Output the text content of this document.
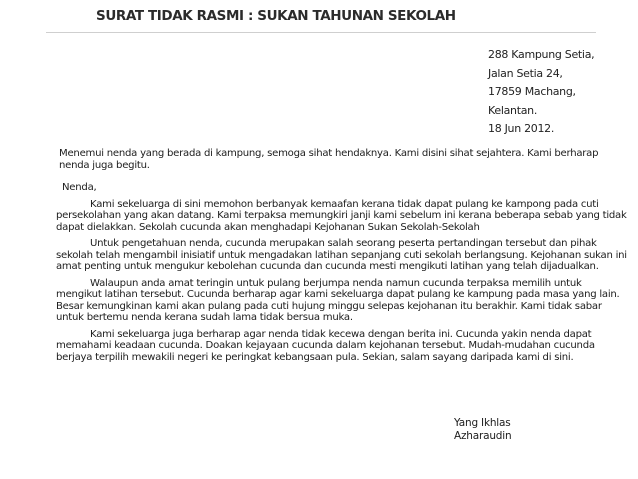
SURAT TIDAK RASMI : SUKAN TAHUNAN SEKOLAH
288 Kampung Setia,
Jalan Setia 24,
17859 Machang,
Kelantan.
18 Jun 2012.

Menemui nenda yang berada di kampung, semoga sihat hendaknya. Kami disini sihat sejahtera. Kami berharap nenda juga begitu.

Nenda,

Kami sekeluarga di sini memohon berbanyak kemaafan kerana tidak dapat pulang ke kampong pada cuti persekolahan yang akan datang. Kami terpaksa memungkiri janji kami sebelum ini kerana beberapa sebab yang tidak dapat dielakkan. Sekolah cucunda akan menghadapi Kejohanan Sukan Sekolah-Sekolah

Untuk pengetahuan nenda, cucunda merupakan salah seorang peserta pertandingan tersebut dan pihak sekolah telah mengambil inisiatif untuk mengadakan latihan sepanjang cuti sekolah berlangsung. Kejohanan sukan ini amat penting untuk mengukur kebolehan cucunda dan cucunda mesti mengikuti latihan yang telah dijadualkan.

Walaupun anda amat teringin untuk pulang berjumpa nenda namun cucunda terpaksa memilih untuk mengikut latihan tersebut. Cucunda berharap agar kami sekeluarga dapat pulang ke kampung pada masa yang lain. Besar kemungkinan kami akan pulang pada cuti hujung minggu selepas kejohanan itu berakhir. Kami tidak sabar untuk bertemu nenda kerana sudah lama tidak bersua muka.

Kami sekeluarga juga berharap agar nenda tidak kecewa dengan berita ini. Cucunda yakin nenda dapat memahami keadaan cucunda. Doakan kejayaan cucunda dalam kejohanan tersebut. Mudah-mudahan cucunda berjaya terpilih mewakili negeri ke peringkat kebangsaan pula. Sekian, salam sayang daripada kami di sini.

Yang Ikhlas
Azharaudin
